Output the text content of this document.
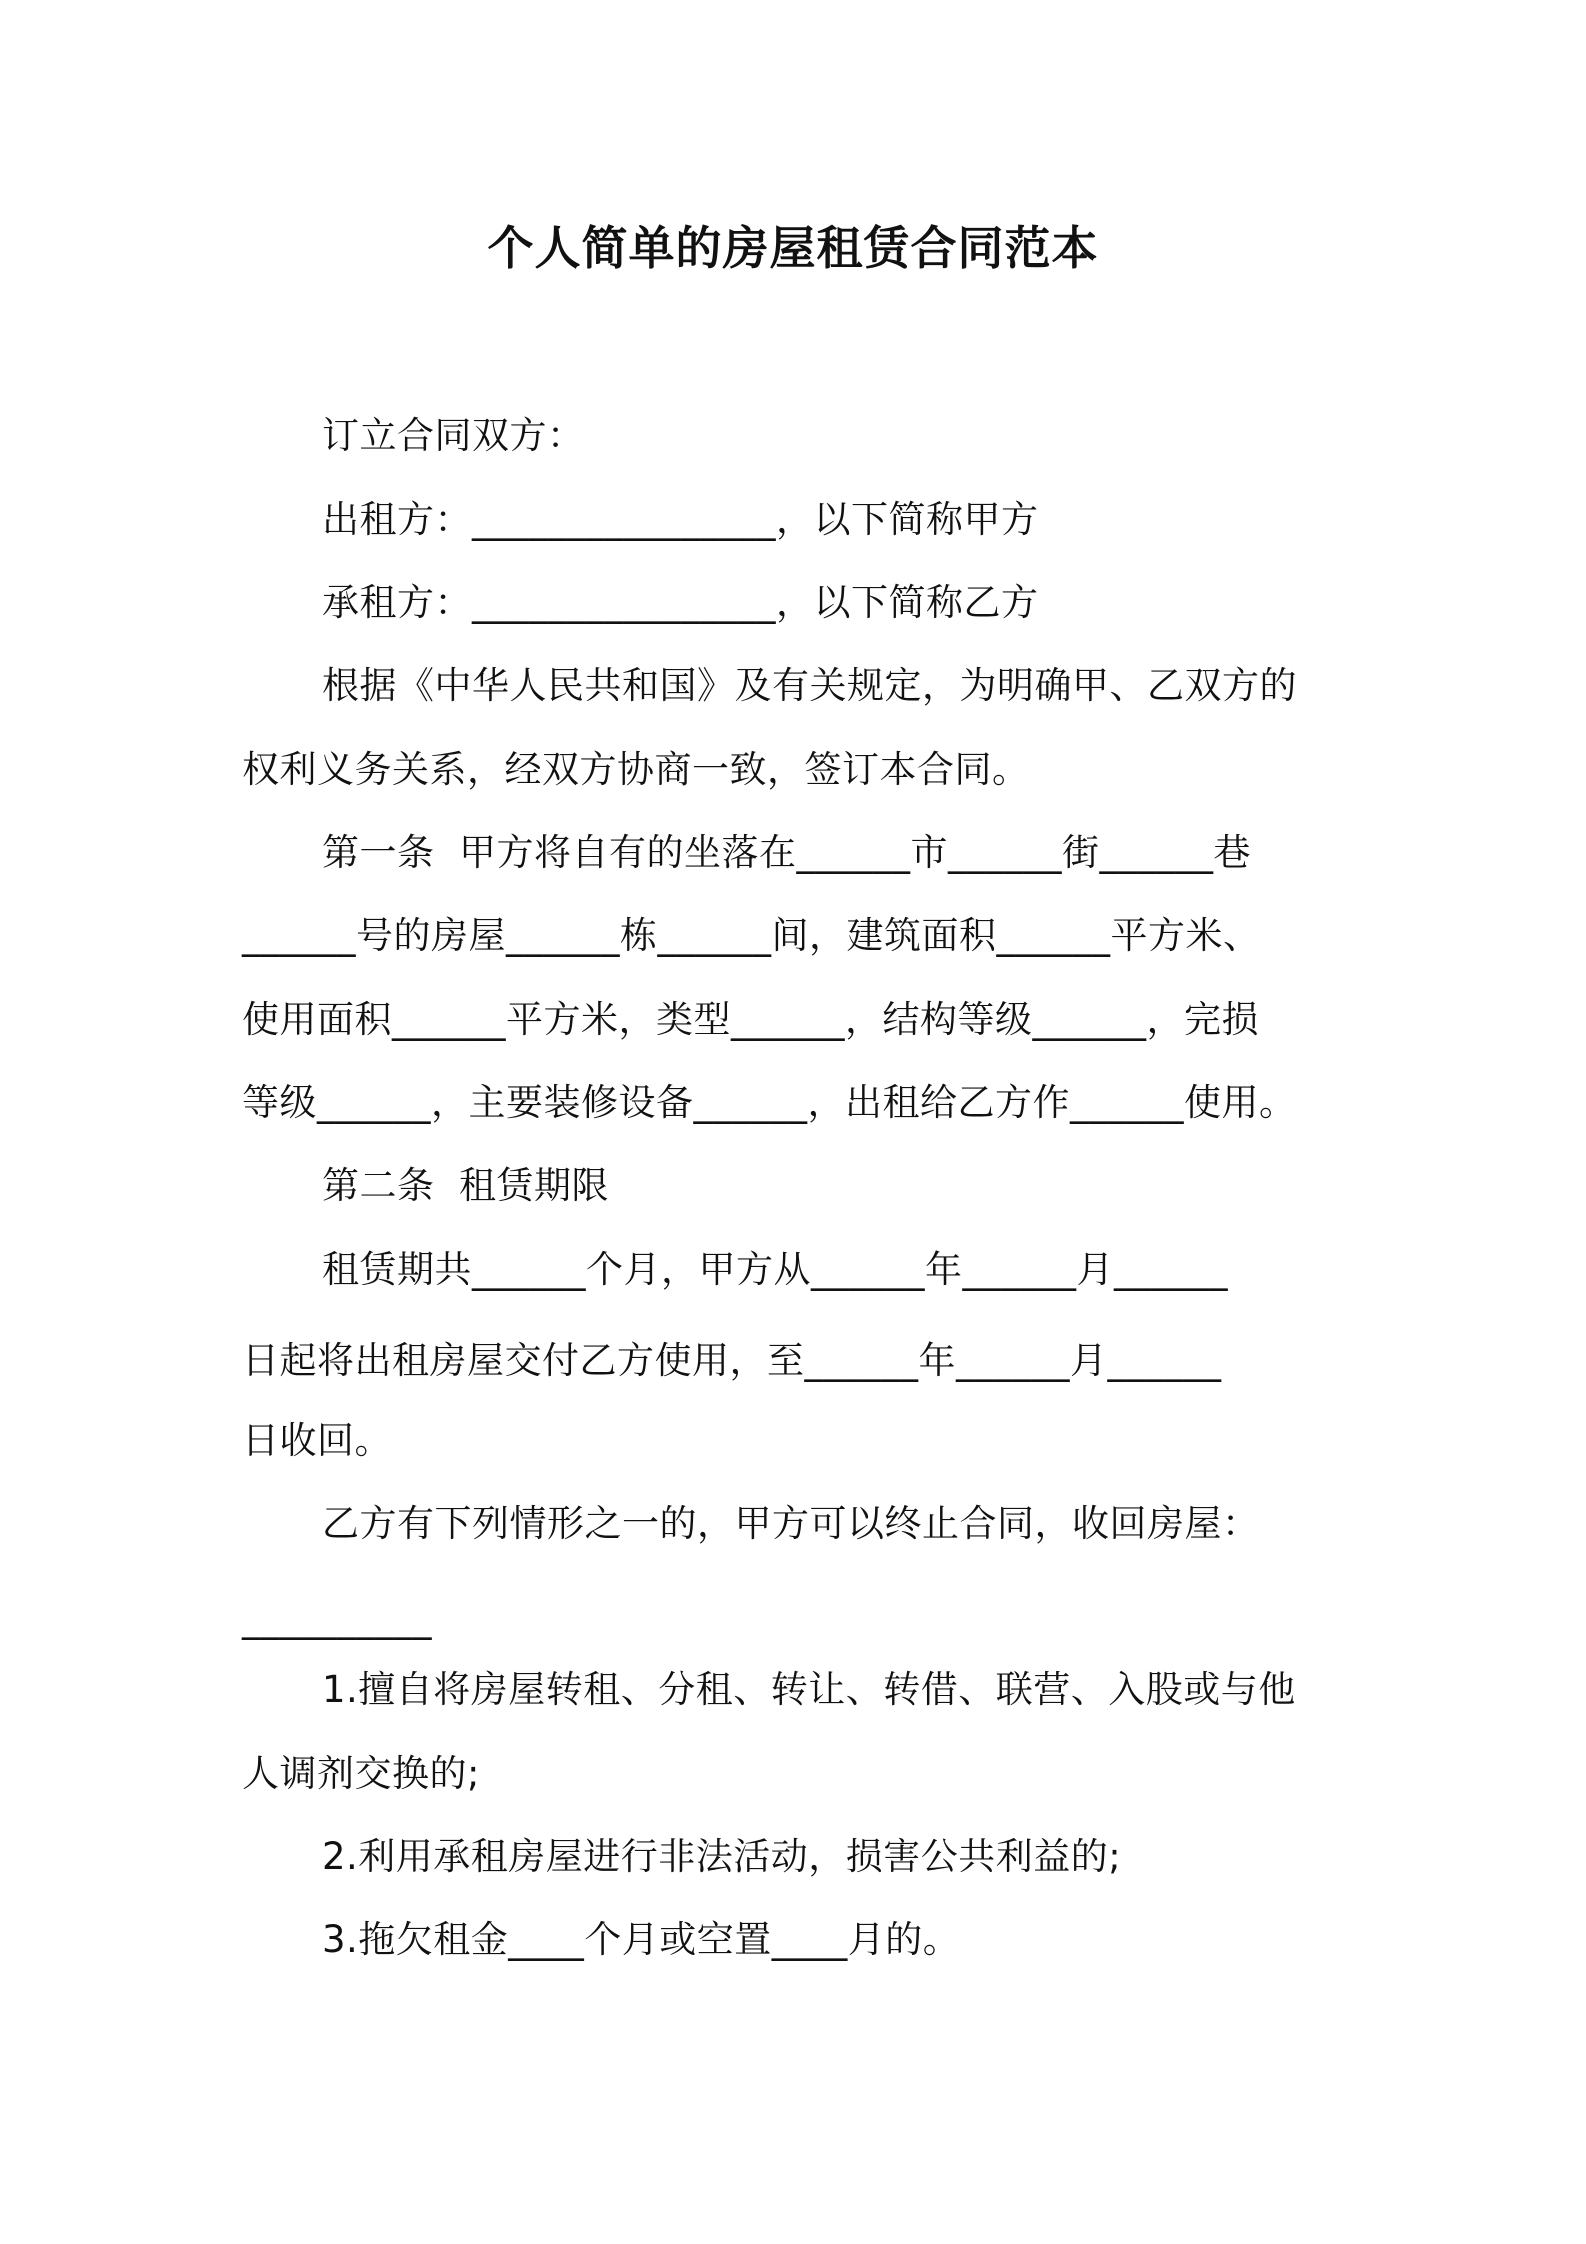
个人简单的房屋租赁合同范本
订立合同双方：
出租方：________________，以下简称甲方
承租方：________________，以下简称乙方
根据《中华人民共和国》及有关规定，为明确甲、乙双方的
权利义务关系，经双方协商一致，签订本合同。
第一条  甲方将自有的坐落在______市______街______巷
______号的房屋______栋______间，建筑面积______平方米、
使用面积______平方米，类型______，结构等级______，完损
等级______，主要装修设备______，出租给乙方作______使用。
第二条  租赁期限
租赁期共______个月，甲方从______年______月______
日起将出租房屋交付乙方使用，至______年______月______
日收回。
乙方有下列情形之一的，甲方可以终止合同，收回房屋：
__________
1.擅自将房屋转租、分租、转让、转借、联营、入股或与他
人调剂交换的;
2.利用承租房屋进行非法活动，损害公共利益的;
3.拖欠租金____个月或空置____月的。
